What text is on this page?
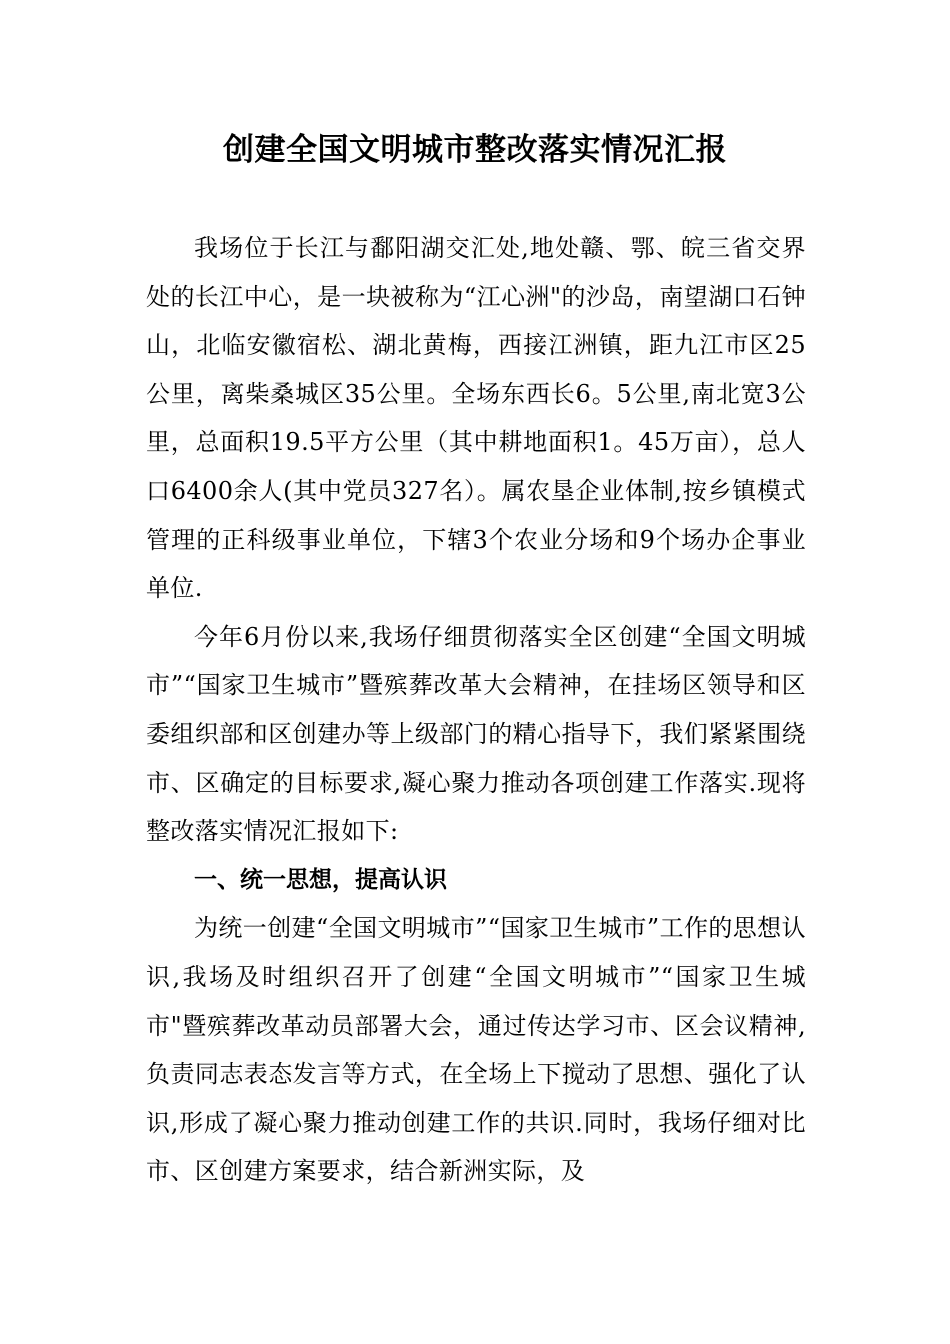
创建全国文明城市整改落实情况汇报

我场位于长江与鄱阳湖交汇处,地处赣、鄂、皖三省交界处的长江中心，是一块被称为“江心洲"的沙岛，南望湖口石钟山，北临安徽宿松、湖北黄梅，西接江洲镇，距九江市区25公里，离柴桑城区35公里。全场东西长6。5公里,南北宽3公里，总面积19.5平方公里（其中耕地面积1。45万亩），总人口6400余人(其中党员327名）。属农垦企业体制,按乡镇模式管理的正科级事业单位，下辖3个农业分场和9个场办企事业单位.

今年6月份以来,我场仔细贯彻落实全区创建“全国文明城市”“国家卫生城市”暨殡葬改革大会精神，在挂场区领导和区委组织部和区创建办等上级部门的精心指导下，我们紧紧围绕市、区确定的目标要求,凝心聚力推动各项创建工作落实.现将整改落实情况汇报如下:

一、统一思想，提高认识

为统一创建“全国文明城市”“国家卫生城市”工作的思想认识,我场及时组织召开了创建“全国文明城市”“国家卫生城市"暨殡葬改革动员部署大会，通过传达学习市、区会议精神,负责同志表态发言等方式，在全场上下搅动了思想、强化了认识,形成了凝心聚力推动创建工作的共识.同时，我场仔细对比市、区创建方案要求，结合新洲实际，及
